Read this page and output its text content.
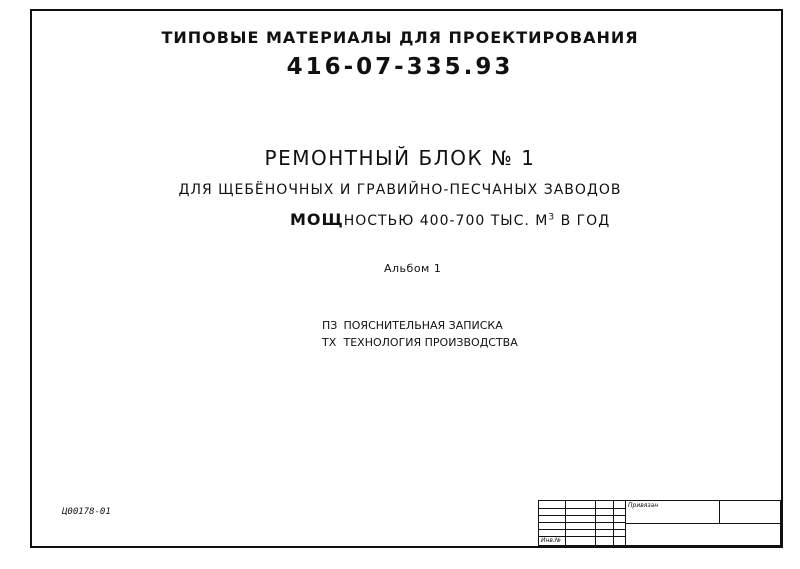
ТИПОВЫЕ МАТЕРИАЛЫ ДЛЯ ПРОЕКТИРОВАНИЯ
416-07-335.93
РЕМОНТНЫЙ БЛОК № 1
ДЛЯ ЩЕБЁНОЧНЫХ И ГРАВИЙНО-ПЕСЧАНЫХ ЗАВОДОВ
МОЩНОСТЬЮ 400-700 ТЫС. $М^3$ В ГОД
Альбом 1
ПЗ ПОЯСНИТЕЛЬНАЯ ЗАПИСКА
ТХ ТЕХНОЛОГИЯ ПРОИЗВОДСТВА
Ц00178-01
Привязан
Инв.№
